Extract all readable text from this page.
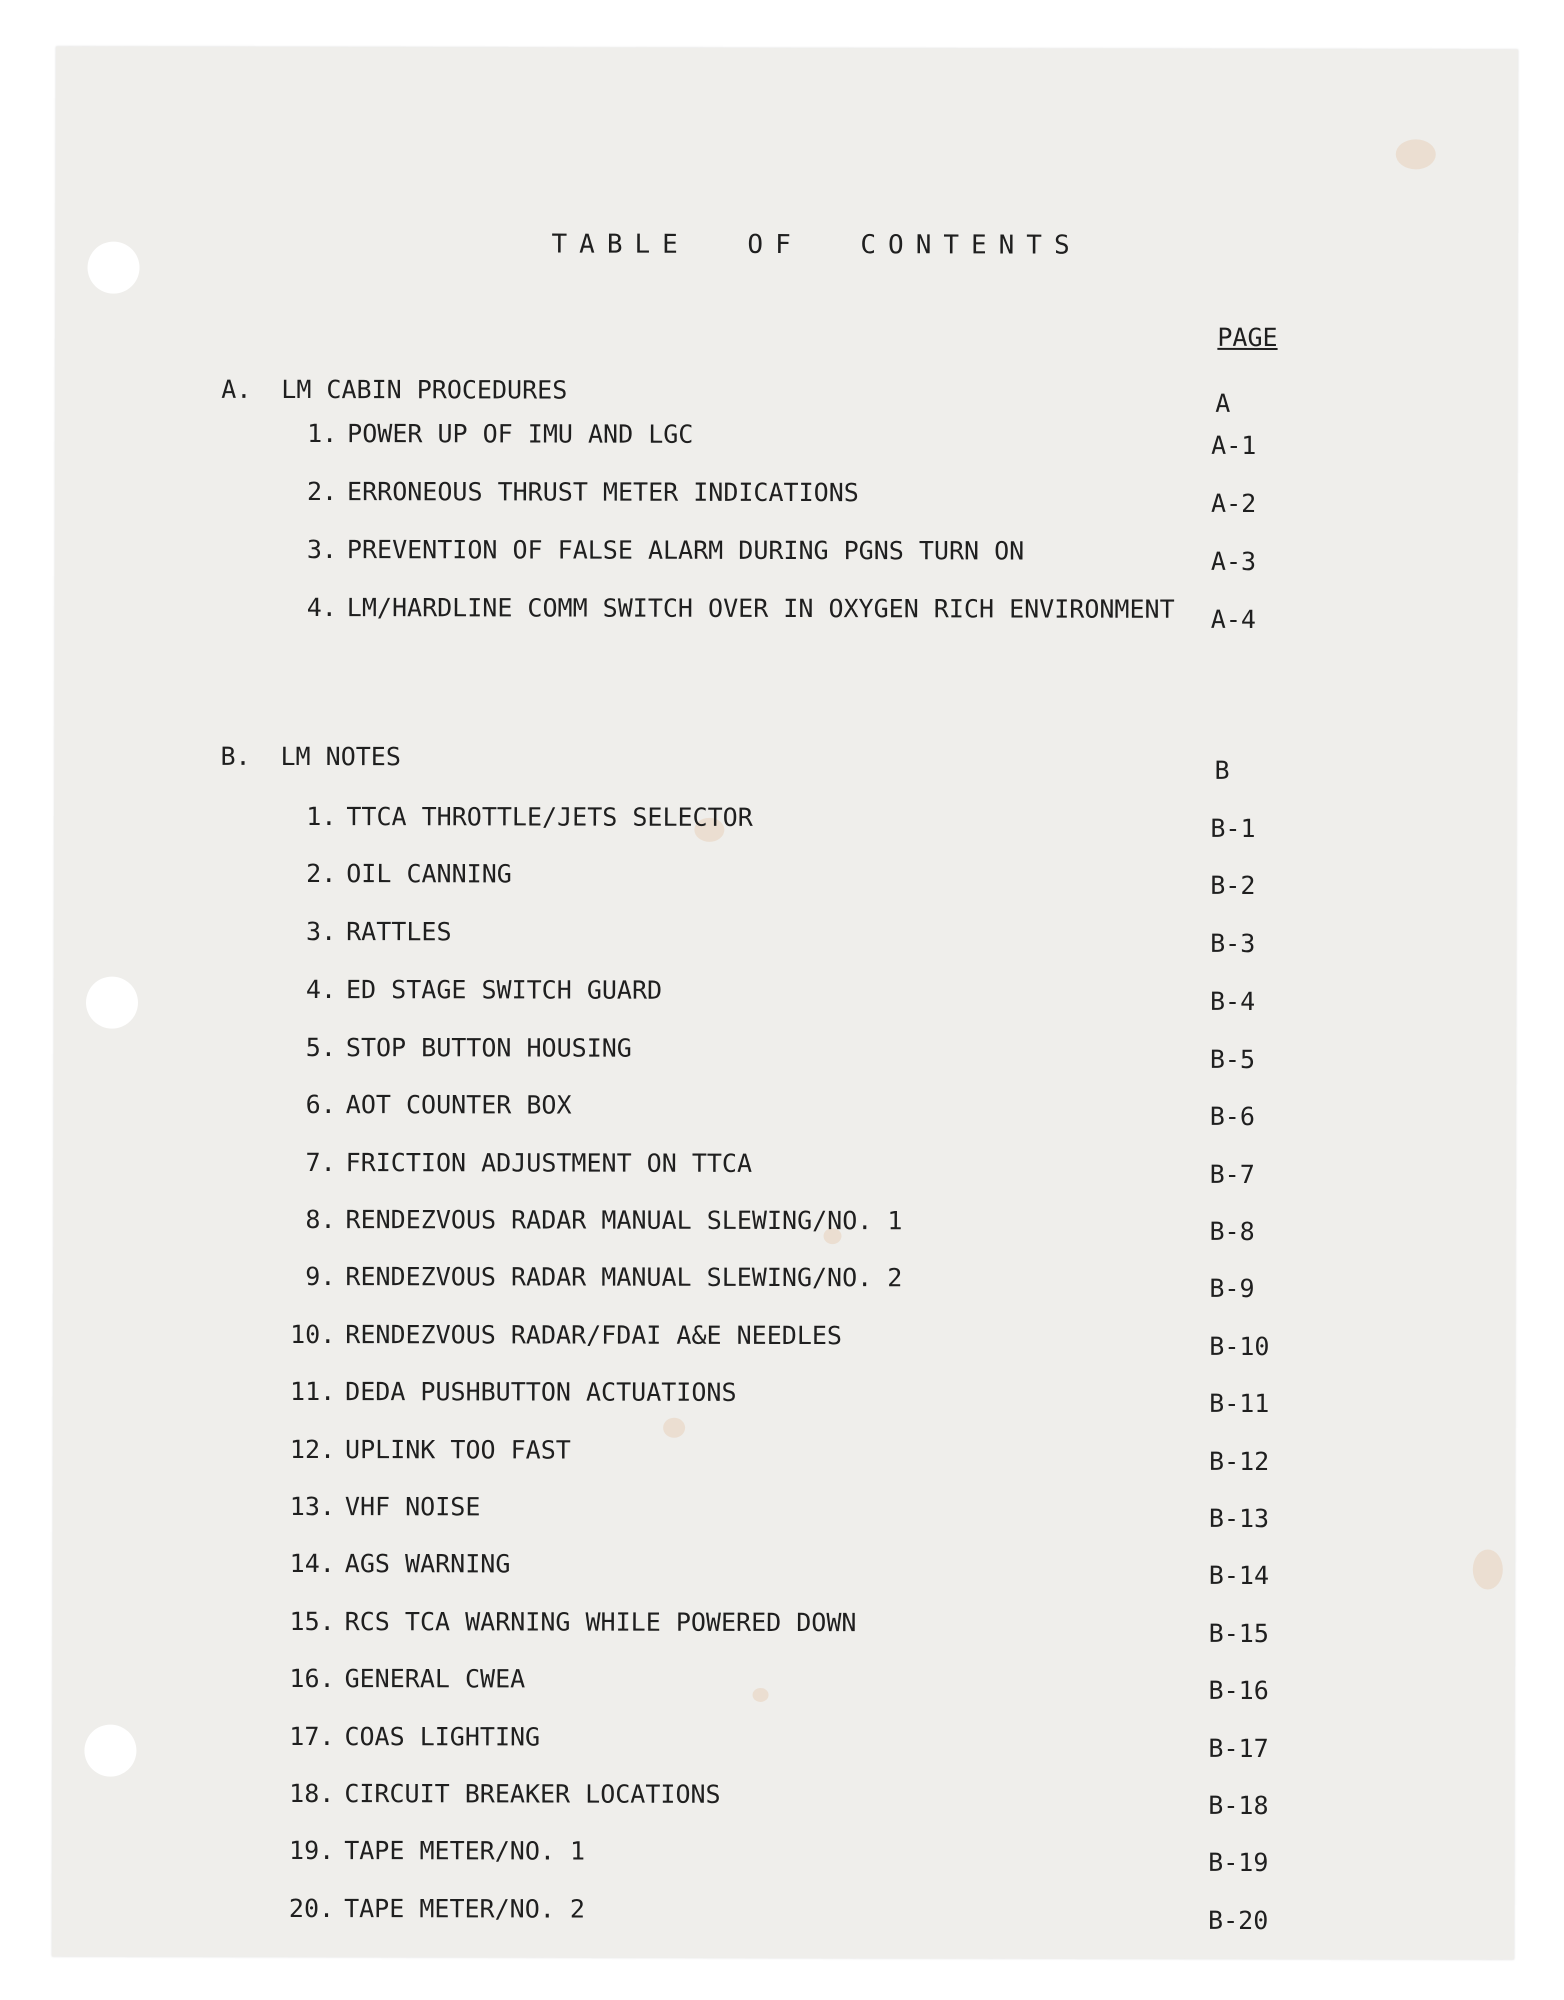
TABLE OF CONTENTS
PAGE
A. LM CABIN PROCEDURES	A
1. POWER UP OF IMU AND LGC	A-1
2. ERRONEOUS THRUST METER INDICATIONS	A-2
3. PREVENTION OF FALSE ALARM DURING PGNS TURN ON	A-3
4. LM/HARDLINE COMM SWITCH OVER IN OXYGEN RICH ENVIRONMENT A-4
B. LM NOTES	B
1. TTCA THROTTLE/JETS SELECTOR	B-1
2. OIL CANNING	B-2
3. RATTLES	B-3
4. ED STAGE SWITCH GUARD	B-4
5. STOP BUTTON HOUSING	B-5
6. AOT COUNTER BOX	B-6
7. FRICTION ADJUSTMENT ON TTCA	B-7
8. RENDEZVOUS RADAR MANUAL SLEWING/NO. 1	B-8
9. RENDEZVOUS RADAR MANUAL SLEWING/NO. 2	B-9
10. RENDEZVOUS RADAR/FDAI A&E NEEDLES	B-10
11. DEDA PUSHBUTTON ACTUATIONS	B-11
12. UPLINK TOO FAST	B-12
13. VHF NOISE	B-13
14. AGS WARNING	B-14
15. RCS TCA WARNING WHILE POWERED DOWN	B-15
16. GENERAL CWEA	B-16
17. COAS LIGHTING	B-17
18. CIRCUIT BREAKER LOCATIONS	B-18
19. TAPE METER/NO. 1	B-19
20. TAPE METER/NO. 2	B-20
